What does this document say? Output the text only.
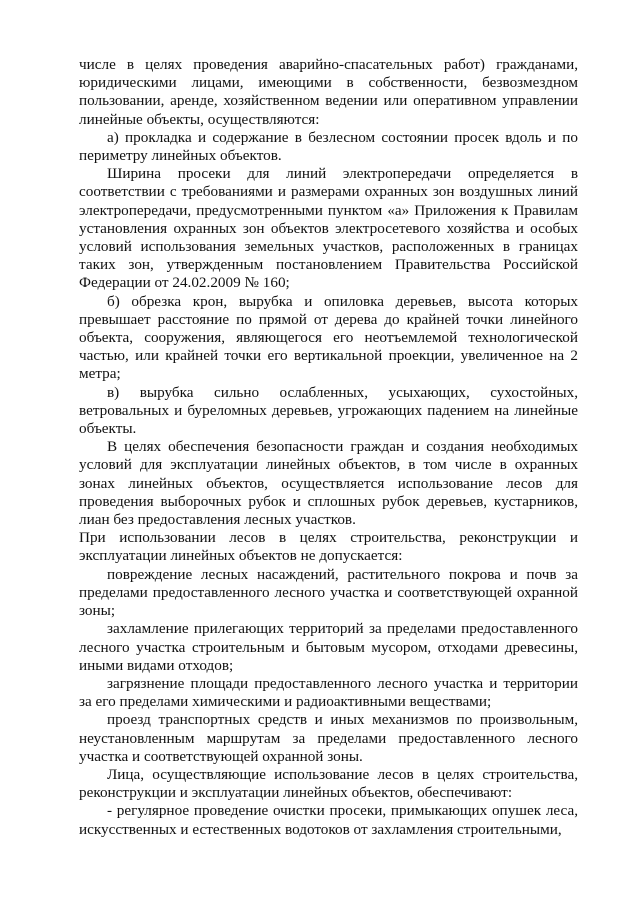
числе в целях проведения аварийно-спасательных работ) гражданами, юридическими лицами, имеющими в собственности, безвозмездном пользовании, аренде, хозяйственном ведении или оперативном управлении линейные объекты, осуществляются:

а) прокладка и содержание в безлесном состоянии просек вдоль и по периметру линейных объектов.

Ширина просеки для линий электропередачи определяется в соответствии с требованиями и размерами охранных зон воздушных линий электропередачи, предусмотренными пунктом «а» Приложения к Правилам установления охранных зон объектов электросетевого хозяйства и особых условий использования земельных участков, расположенных в границах таких зон, утвержденным постановлением Правительства Российской Федерации от 24.02.2009 № 160;

б) обрезка крон, вырубка и опиловка деревьев, высота которых превышает расстояние по прямой от дерева до крайней точки линейного объекта, сооружения, являющегося его неотъемлемой технологической частью, или крайней точки его вертикальной проекции, увеличенное на 2 метра;

в) вырубка сильно ослабленных, усыхающих, сухостойных, ветровальных и буреломных деревьев, угрожающих падением на линейные объекты.

В целях обеспечения безопасности граждан и создания необходимых условий для эксплуатации линейных объектов, в том числе в охранных зонах линейных объектов, осуществляется использование лесов для проведения выборочных рубок и сплошных рубок деревьев, кустарников, лиан без предоставления лесных участков.

При использовании лесов в целях строительства, реконструкции и эксплуатации линейных объектов не допускается:

повреждение лесных насаждений, растительного покрова и почв за пределами предоставленного лесного участка и соответствующей охранной зоны;

захламление прилегающих территорий за пределами предоставленного лесного участка строительным и бытовым мусором, отходами древесины, иными видами отходов;

загрязнение площади предоставленного лесного участка и территории за его пределами химическими и радиоактивными веществами;

проезд транспортных средств и иных механизмов по произвольным, неустановленным маршрутам за пределами предоставленного лесного участка и соответствующей охранной зоны.

Лица, осуществляющие использование лесов в целях строительства, реконструкции и эксплуатации линейных объектов, обеспечивают:

- регулярное проведение очистки просеки, примыкающих опушек леса, искусственных и естественных водотоков от захламления строительными,
